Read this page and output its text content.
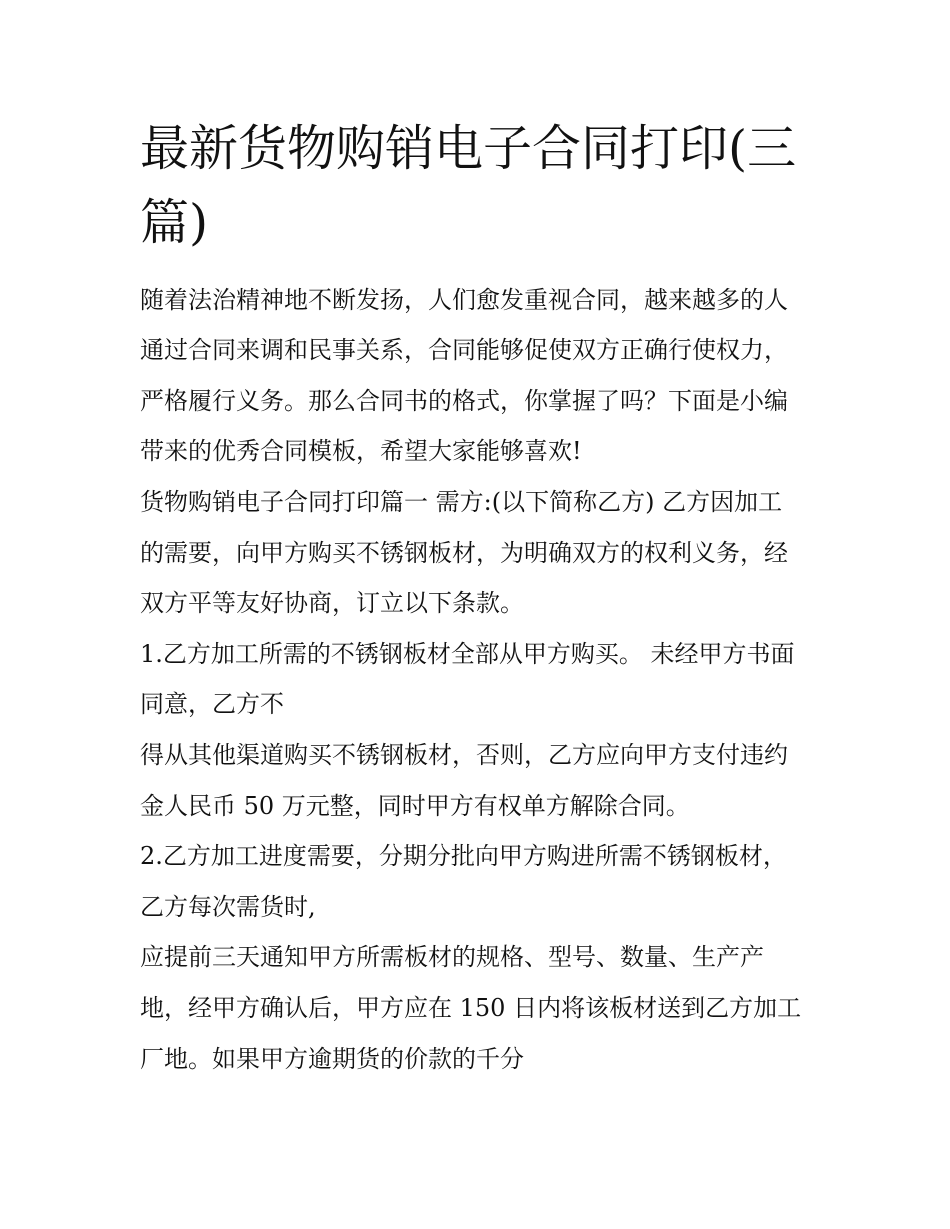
最新货物购销电子合同打印(三
篇)

随着法治精神地不断发扬，人们愈发重视合同，越来越多的人

通过合同来调和民事关系，合同能够促使双方正确行使权力，

严格履行义务。那么合同书的格式，你掌握了吗？下面是小编

带来的优秀合同模板，希望大家能够喜欢!

货物购销电子合同打印篇一 需方:(以下简称乙方) 乙方因加工

的需要，向甲方购买不锈钢板材，为明确双方的权利义务，经

双方平等友好协商，订立以下条款。

1.乙方加工所需的不锈钢板材全部从甲方购买。 未经甲方书面

同意，乙方不

得从其他渠道购买不锈钢板材，否则，乙方应向甲方支付违约

金人民币 50 万元整，同时甲方有权单方解除合同。

2.乙方加工进度需要，分期分批向甲方购进所需不锈钢板材，

乙方每次需货时,

应提前三天通知甲方所需板材的规格、型号、数量、生产产

地，经甲方确认后，甲方应在 150 日内将该板材送到乙方加工

厂地。如果甲方逾期货的价款的千分
